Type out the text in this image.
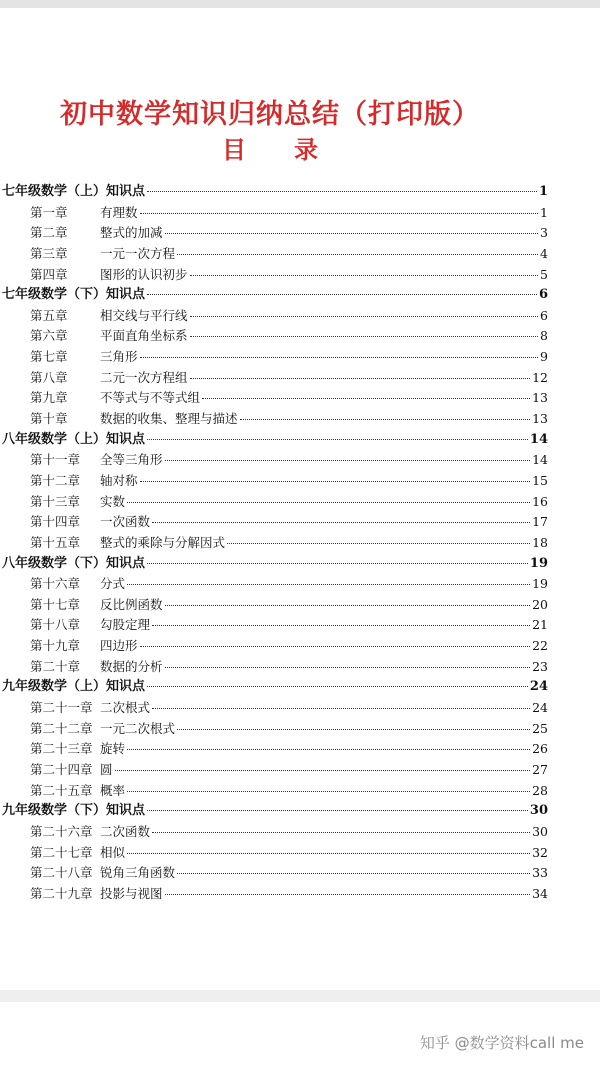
初中数学知识归纳总结（打印版）
目 录
七年级数学（上）知识点	1
第一章	有理数	1
第二章	整式的加减	3
第三章	一元一次方程	4
第四章	图形的认识初步	5
七年级数学（下）知识点	6
第五章	相交线与平行线	6
第六章	平面直角坐标系	8
第七章	三角形	9
第八章	二元一次方程组	12
第九章	不等式与不等式组	13
第十章	数据的收集、整理与描述	13
八年级数学（上）知识点	14
第十一章	全等三角形	14
第十二章	轴对称	15
第十三章	实数	16
第十四章	一次函数	17
第十五章	整式的乘除与分解因式	18
八年级数学（下）知识点	19
第十六章	分式	19
第十七章	反比例函数	20
第十八章	勾股定理	21
第十九章	四边形	22
第二十章	数据的分析	23
九年级数学（上）知识点	24
第二十一章 二次根式	24
第二十二章 一元二次根式	25
第二十三章 旋转	26
第二十四章 圆	27
第二十五章 概率	28
九年级数学（下）知识点	30
第二十六章 二次函数	30
第二十七章 相似	32
第二十八章 锐角三角函数	33
第二十九章 投影与视图	34
知乎 @数学资料call me
